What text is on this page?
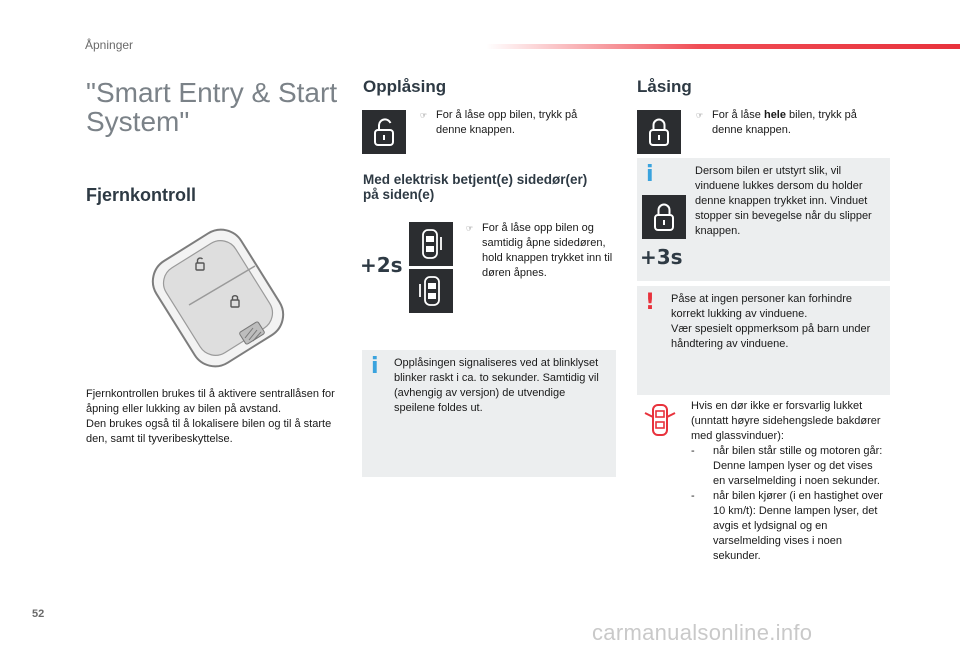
Åpninger
"Smart Entry & Start System"
Fjernkontroll
Fjernkontrollen brukes til å aktivere sentrallåsen for åpning eller lukking av bilen på avstand.
Den brukes også til å lokalisere bilen og til å starte den, samt til tyveribeskyttelse.
Opplåsing
☞ For å låse opp bilen, trykk på denne knappen.
Med elektrisk betjent(e) sidedør(er) på siden(e)
+2s
☞ For å låse opp bilen og samtidig åpne sidedøren, hold knappen trykket inn til døren åpnes.
i Opplåsingen signaliseres ved at blinklyset blinker raskt i ca. to sekunder. Samtidig vil (avhengig av versjon) de utvendige speilene foldes ut.
Låsing
☞ For å låse hele bilen, trykk på denne knappen.
i
+3s
Dersom bilen er utstyrt slik, vil vinduene lukkes dersom du holder denne knappen trykket inn. Vinduet stopper sin bevegelse når du slipper knappen.
! Påse at ingen personer kan forhindre korrekt lukking av vinduene.
Vær spesielt oppmerksom på barn under håndtering av vinduene.
Hvis en dør ikke er forsvarlig lukket (unntatt høyre sidehengslede bakdører med glassvinduer):
- når bilen står stille og motoren går: Denne lampen lyser og det vises en varselmelding i noen sekunder.
- når bilen kjører (i en hastighet over 10 km/t): Denne lampen lyser, det avgis et lydsignal og en varselmelding vises i noen sekunder.
52
carmanualsonline.info
